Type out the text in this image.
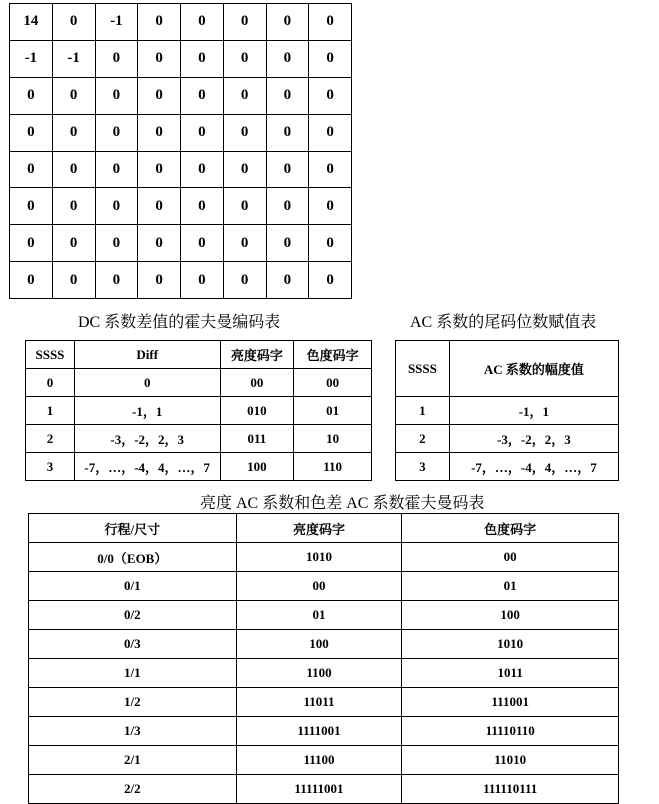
14	0	-1	0	0	0	0	0
-1	-1	0	0	0	0	0	0
0	0	0	0	0	0	0	0
0	0	0	0	0	0	0	0
0	0	0	0	0	0	0	0
0	0	0	0	0	0	0	0
0	0	0	0	0	0	0	0
0	0	0	0	0	0	0	0
DC 系数差值的霍夫曼编码表	AC 系数的尾码位数赋值表
SSSS	Diff	亮度码字	色度码字
0	0	00	00
1	-1，1	010	01
2	-3，-2，2，3	011	10
3	-7，…，-4，4，…，7	100	110
SSSS	AC 系数的幅度值
1	-1，1
2	-3，-2，2，3
3	-7，…，-4，4，…，7
亮度 AC 系数和色差 AC 系数霍夫曼码表
行程/尺寸	亮度码字	色度码字
0/0（EOB）	1010	00
0/1	00	01
0/2	01	100
0/3	100	1010
1/1	1100	1011
1/2	11011	111001
1/3	1111001	11110110
2/1	11100	11010
2/2	11111001	111110111
